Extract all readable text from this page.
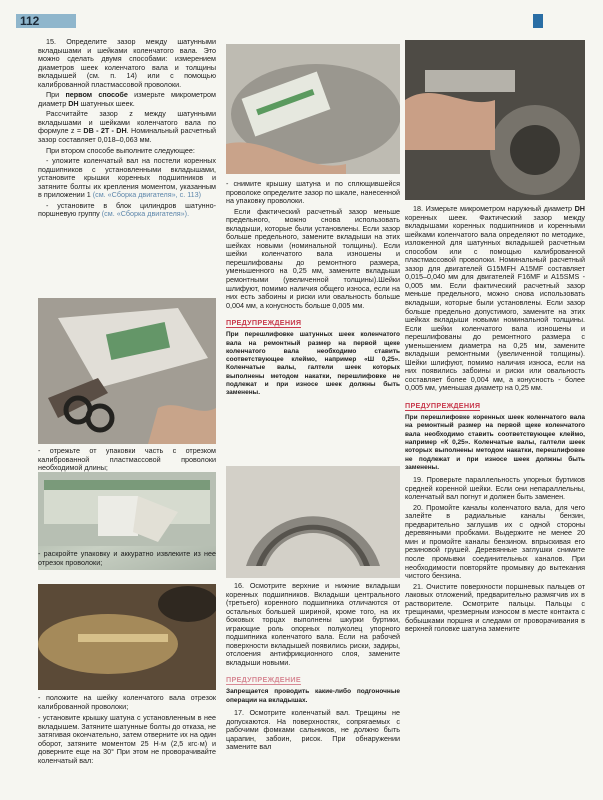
112

15. Определите зазор между шатунными вкладышами и шейками коленчатого вала. Это можно сделать двумя способами: измерением диаметров шеек коленчатого вала и толщины вкладышей (см. п. 14) или с помощью калиброванной пластмассовой проволоки.

При первом способе измерьте микрометром диаметр DH шатунных шеек.

Рассчитайте зазор z между шатунными вкладышами и шейками коленчатого вала по формуле z = DB - 2T - DH. Номинальный расчетный зазор составляет 0,018–0,063 мм.

При втором способе выполните следующее:

- уложите коленчатый вал на постели коренных подшипников с установленными вкладышами, установите крышки коренных подшипников и затяните болты их крепления моментом, указанным в приложении 1 (см. «Сборка двигателя», с. 113)

- установите в блок цилиндров шатунно-поршневую группу (см. «Сборка двигателя»).

- отрежьте от упаковки часть с отрезком калиброванной пластмассовой проволоки необходимой длины;
- раскройте упаковку и аккуратно извлеките из нее отрезок проволоки;
- положите на шейку коленчатого вала отрезок калиброванной проволоки;
- установите крышку шатуна с установленным в нее вкладышем. Затяните шатунные болты до отказа, не затягивая окончательно, затем отверните их на один оборот, затяните моментом 25 Н·м (2,5 кгс·м) и доверните еще на 30° При этом не проворачивайте коленчатый вал:

- снимите крышку шатуна и по сплющившейся проволоке определите зазор по шкале, нанесенной на упаковку проволоки.

Если фактический расчетный зазор меньше предельного, можно снова использовать вкладыши, которые были установлены. Если зазор больше предельного, замените вкладыши на этих шейках новыми (номинальной толщины). Если шейки коленчатого вала изношены и перешлифованы до ремонтного размера, уменьшенного на 0,25 мм, замените вкладыши ремонтными (увеличенной толщины).Шейки шлифуют, помимо наличия общего износа, если на них есть забоины и риски или овальность больше 0,004 мм, а конусность больше 0,005 мм.

ПРЕДУПРЕЖДЕНИЯ

При перешлифовке шатунных шеек коленчатого вала на ремонтный размер на первой щеке коленчатого вала необходимо ставить соответствующее клеймо, например «Ш 0,25». Коленчатые валы, галтели шеек которых выполнены методом накатки, перешлифовке не подлежат и при износе шеек должны быть заменены.

16. Осмотрите верхние и нижние вкладыши коренных подшипников. Вкладыши центрального (третьего) коренного подшипника отличаются от остальных большей шириной, кроме того, на их боковых торцах выполнены шкурки буртики, играющие роль опорных полуколец упорного подшипника коленчатого вала. Если на рабочей поверхности вкладышей появились риски, задиры, отслоения антифрикционного слоя, замените вкладыши новыми.

ПРЕДУПРЕЖДЕНИЕ

Запрещается проводить какие-либо подгоночные операции на вкладышах.

17. Осмотрите коленчатый вал. Трещины не допускаются. На поверхностях, сопрягаемых с рабочими фомками сальников, не должно быть царапин, забоин, рисок. При обнаружении замените вал

18. Измерьте микрометром наружный диаметр DH коренных шеек. Фактический зазор между вкладышами коренных подшипников и коренными шейками коленчатого вала определяют по методике, изложенной для шатунных вкладышей расчетным способом или с помощью калиброванной пластмассовой проволоки. Номинальный расчетный зазор для двигателей G15MFH A15MF составляет 0,015–0,040 мм для двигателей F16MF и A15SMS - 0,005 мм. Если фактический расчетный зазор меньше предельного, можно снова использовать вкладыши, которые были установлены. Если зазор больше предельно допустимого, замените на этих шейках вкладыши новыми номинальной толщины. Если шейки коленчатого вала изношены и перешлифованы до ремонтного размера с уменьшением диаметра на 0,25 мм, замените вкладыши ремонтными (увеличенной толщины). Шейки шлифуют, помимо наличия износа, если на них появились забоины и риски или овальность составляет более 0,004 мм, а конусность - более 0,005 мм, уменьшая диаметр на 0,25 мм.

ПРЕДУПРЕЖДЕНИЯ

При перешлифовке коренных шеек коленчатого вала на ремонтный размер на первой щеке коленчатого вала необходимо ставить соответствующее клеймо, например «К 0,25». Коленчатые валы, галтели шеек которых выполнены методом накатки, перешлифовке не подлежат и при износе шеек должны быть заменены.

19. Проверьте параллельность упорных буртиков средней коренной шейки. Если они непараллельны, коленчатый вал погнут и должен быть заменен.

20. Промойте каналы коленчатого вала, для чего залейте в радиальные каналы бензин, предварительно заглушив их с одной стороны деревянными пробками. Выдержите не менее 20 мин и промойте каналы бензином. впрыскивая его резиновой грушей. Деревянные заглушки снимите после промывки соединительных каналов. При необходимости повторяйте промывку до вытекания чистого бензина.

21. Очистите поверхности поршневых пальцев от лаковых отложений, предварительно размягчив их в растворителе. Осмотрите пальцы. Пальцы с трещинами, чрезмерным износом в месте контакта с бобышками поршня и следами от проворачивания в верхней головке шатуна замените
